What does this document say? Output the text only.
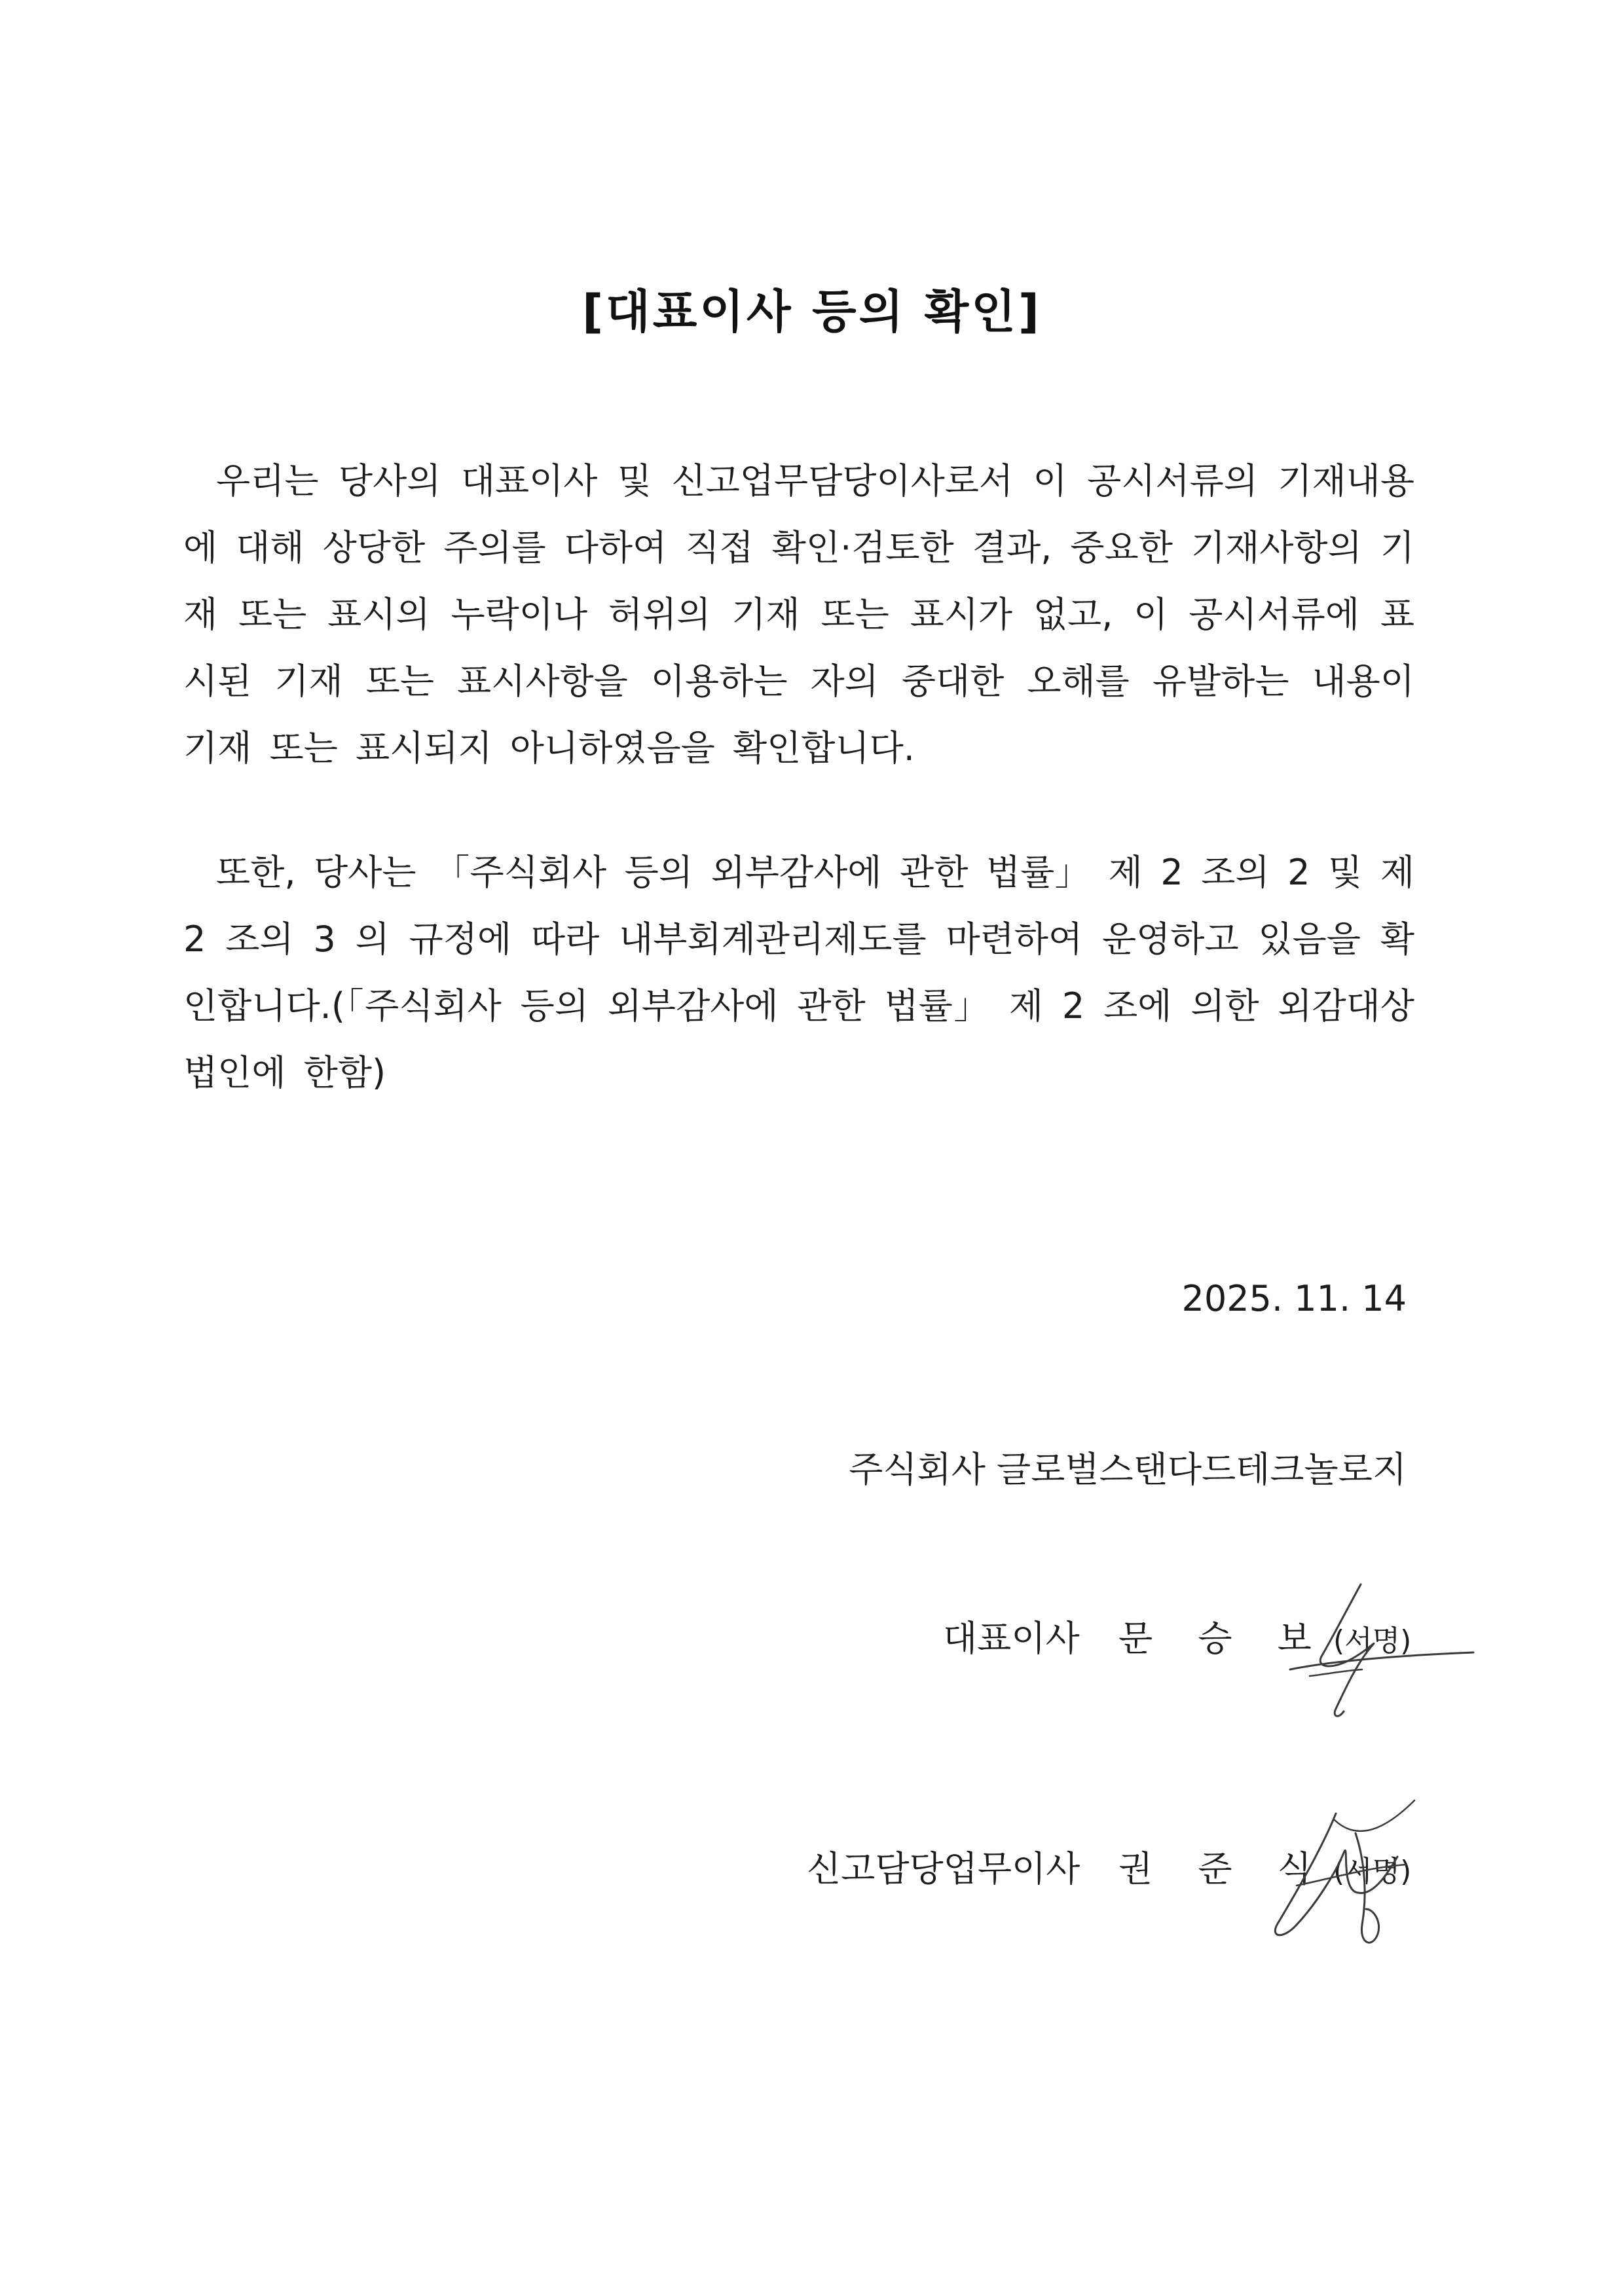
[대표이사 등의 확인]
우리는 당사의 대표이사 및 신고업무담당이사로서 이 공시서류의 기재내용에 대해 상당한 주의를 다하여 직접 확인·검토한 결과, 중요한 기재사항의 기재 또는 표시의 누락이나 허위의 기재 또는 표시가 없고, 이 공시서류에 표시된 기재 또는 표시사항을 이용하는 자의 중대한 오해를 유발하는 내용이 기재 또는 표시되지 아니하였음을 확인합니다.
또한, 당사는 「주식회사 등의 외부감사에 관한 법률」 제 2 조의 2 및 제 2 조의 3 의 규정에 따라 내부회계관리제도를 마련하여 운영하고 있음을 확인합니다.(「주식회사 등의 외부감사에 관한 법률」 제 2 조에 의한 외감대상법인에 한함)
2025. 11. 14
주식회사 글로벌스탠다드테크놀로지
대표이사 문 승 보 (서명)
신고담당업무이사 권 준 식 (서명)
